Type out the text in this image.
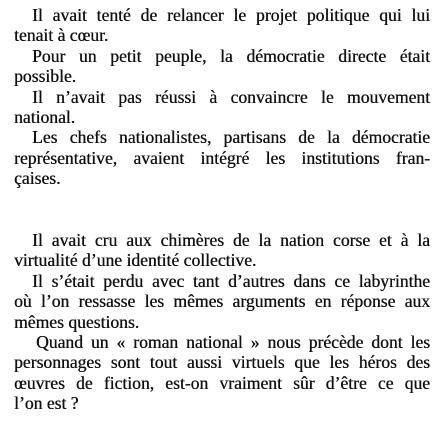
Il avait tenté de relancer le projet politique qui lui
tenait à cœur.
Pour un petit peuple, la démocratie directe était
possible.
Il n’avait pas réussi à convaincre le mouvement
national.
Les chefs nationalistes, partisans de la démocratie
représentative, avaient intégré les institutions fran-
çaises.
Il avait cru aux chimères de la nation corse et à la
virtualité d’une identité collective.
Il s’était perdu avec tant d’autres dans ce labyrinthe
où l’on ressasse les mêmes arguments en réponse aux
mêmes questions.
Quand un « roman national » nous précède dont les
personnages sont tout aussi virtuels que les héros des
œuvres de fiction, est-on vraiment sûr d’être ce que
l’on est ?
